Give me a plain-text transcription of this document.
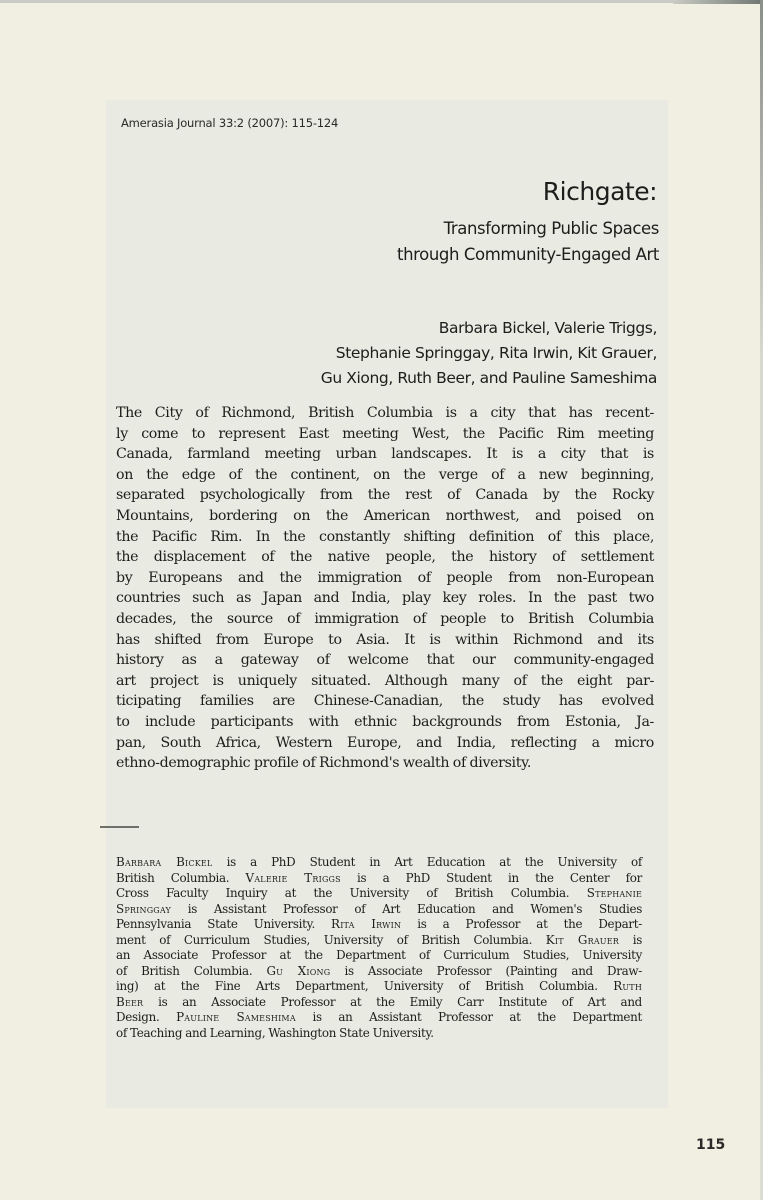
Amerasia Journal 33:2 (2007): 115-124
Richgate:
Transforming Public Spaces
through Community-Engaged Art
Barbara Bickel, Valerie Triggs,
Stephanie Springgay, Rita Irwin, Kit Grauer,
Gu Xiong, Ruth Beer, and Pauline Sameshima
The City of Richmond, British Columbia is a city that has recent-
ly come to represent East meeting West, the Pacific Rim meeting
Canada, farmland meeting urban landscapes. It is a city that is
on the edge of the continent, on the verge of a new beginning,
separated psychologically from the rest of Canada by the Rocky
Mountains, bordering on the American northwest, and poised on
the Pacific Rim. In the constantly shifting definition of this place,
the displacement of the native people, the history of settlement
by Europeans and the immigration of people from non-European
countries such as Japan and India, play key roles. In the past two
decades, the source of immigration of people to British Columbia
has shifted from Europe to Asia. It is within Richmond and its
history as a gateway of welcome that our community-engaged
art project is uniquely situated. Although many of the eight par-
ticipating families are Chinese-Canadian, the study has evolved
to include participants with ethnic backgrounds from Estonia, Ja-
pan, South Africa, Western Europe, and India, reflecting a micro
ethno-demographic profile of Richmond's wealth of diversity.
Barbara Bickel is a PhD Student in Art Education at the University of
British Columbia. Valerie Triggs is a PhD Student in the Center for
Cross Faculty Inquiry at the University of British Columbia. Stephanie
Springgay is Assistant Professor of Art Education and Women's Studies
Pennsylvania State University. Rita Irwin is a Professor at the Depart-
ment of Curriculum Studies, University of British Columbia. Kit Grauer is
an Associate Professor at the Department of Curriculum Studies, University
of British Columbia. Gu Xiong is Associate Professor (Painting and Draw-
ing) at the Fine Arts Department, University of British Columbia. Ruth
Beer is an Associate Professor at the Emily Carr Institute of Art and
Design. Pauline Sameshima is an Assistant Professor at the Department
of Teaching and Learning, Washington State University.
115
